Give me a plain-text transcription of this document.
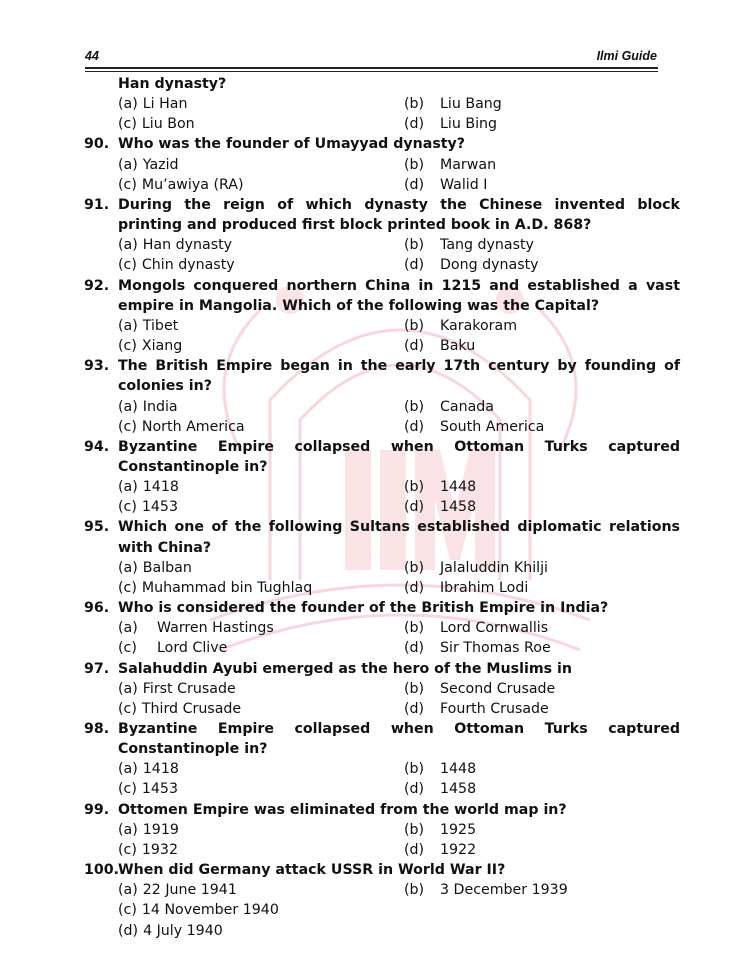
44	Ilmi Guide
Han dynasty?
(a) Li Han	(b)	Liu Bang
(c) Liu Bon	(d)	Liu Bing
90. Who was the founder of Umayyad dynasty?
(a) Yazid	(b)	Marwan
(c) Mu’awiya (RA)	(d)	Walid I
91. During the reign of which dynasty the Chinese invented block printing and produced first block printed book in A.D. 868?
(a) Han dynasty	(b)	Tang dynasty
(c) Chin dynasty	(d)	Dong dynasty
92. Mongols conquered northern China in 1215 and established a vast empire in Mangolia. Which of the following was the Capital?
(a) Tibet	(b)	Karakoram
(c) Xiang	(d)	Baku
93. The British Empire began in the early 17th century by founding of colonies in?
(a) India	(b)	Canada
(c) North America	(d)	South America
94. Byzantine Empire collapsed when Ottoman Turks captured Constantinople in?
(a) 1418	(b)	1448
(c) 1453	(d)	1458
95. Which one of the following Sultans established diplomatic relations with China?
(a) Balban	(b)	Jalaluddin Khilji
(c) Muhammad bin Tughlaq	(d)	Ibrahim Lodi
96. Who is considered the founder of the British Empire in India?
(a)	Warren Hastings	(b)	Lord Cornwallis
(c)	Lord Clive	(d)	Sir Thomas Roe
97. Salahuddin Ayubi emerged as the hero of the Muslims in
(a) First Crusade	(b)	Second Crusade
(c) Third Crusade	(d)	Fourth Crusade
98. Byzantine Empire collapsed when Ottoman Turks captured Constantinople in?
(a) 1418	(b)	1448
(c) 1453	(d)	1458
99. Ottomen Empire was eliminated from the world map in?
(a) 1919	(b)	1925
(c) 1932	(d)	1922
100.
When did Germany attack USSR in World War II?
(a) 22 June 1941	(b)	3 December 1939
(c) 14 November 1940
(d) 4 July 1940
